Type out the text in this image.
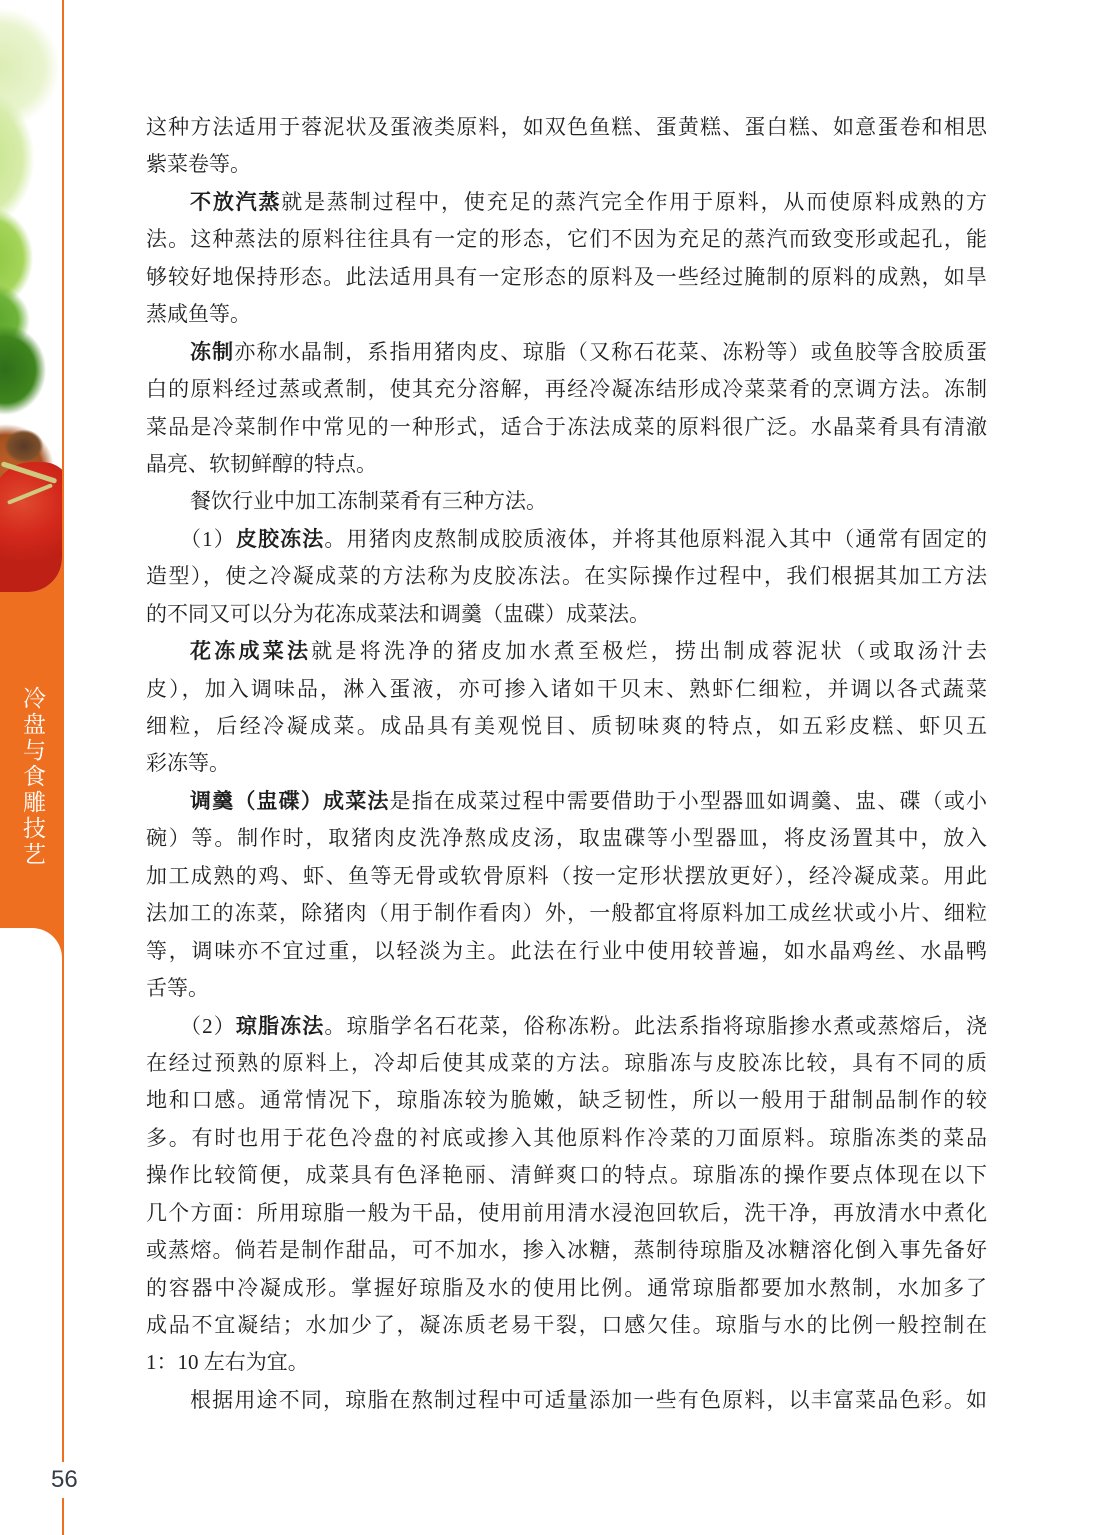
冷盘与食雕技艺
56
这种方法适用于蓉泥状及蛋液类原料，如双色鱼糕、蛋黄糕、蛋白糕、如意蛋卷和相思
紫菜卷等。
不放汽蒸就是蒸制过程中，使充足的蒸汽完全作用于原料，从而使原料成熟的方
法。这种蒸法的原料往往具有一定的形态，它们不因为充足的蒸汽而致变形或起孔，能
够较好地保持形态。此法适用具有一定形态的原料及一些经过腌制的原料的成熟，如旱
蒸咸鱼等。
冻制亦称水晶制，系指用猪肉皮、琼脂（又称石花菜、冻粉等）或鱼胶等含胶质蛋
白的原料经过蒸或煮制，使其充分溶解，再经冷凝冻结形成冷菜菜肴的烹调方法。冻制
菜品是冷菜制作中常见的一种形式，适合于冻法成菜的原料很广泛。水晶菜肴具有清澈
晶亮、软韧鲜醇的特点。
餐饮行业中加工冻制菜肴有三种方法。
（1）皮胶冻法。用猪肉皮熬制成胶质液体，并将其他原料混入其中（通常有固定的
造型），使之冷凝成菜的方法称为皮胶冻法。在实际操作过程中，我们根据其加工方法
的不同又可以分为花冻成菜法和调羹（盅碟）成菜法。
花冻成菜法就是将洗净的猪皮加水煮至极烂，捞出制成蓉泥状（或取汤汁去
皮），加入调味品，淋入蛋液，亦可掺入诸如干贝末、熟虾仁细粒，并调以各式蔬菜
细粒，后经冷凝成菜。成品具有美观悦目、质韧味爽的特点，如五彩皮糕、虾贝五
彩冻等。
调羹（盅碟）成菜法是指在成菜过程中需要借助于小型器皿如调羹、盅、碟（或小
碗）等。制作时，取猪肉皮洗净熬成皮汤，取盅碟等小型器皿，将皮汤置其中，放入
加工成熟的鸡、虾、鱼等无骨或软骨原料（按一定形状摆放更好），经冷凝成菜。用此
法加工的冻菜，除猪肉（用于制作看肉）外，一般都宜将原料加工成丝状或小片、细粒
等，调味亦不宜过重，以轻淡为主。此法在行业中使用较普遍，如水晶鸡丝、水晶鸭
舌等。
（2）琼脂冻法。琼脂学名石花菜，俗称冻粉。此法系指将琼脂掺水煮或蒸熔后，浇
在经过预熟的原料上，冷却后使其成菜的方法。琼脂冻与皮胶冻比较，具有不同的质
地和口感。通常情况下，琼脂冻较为脆嫩，缺乏韧性，所以一般用于甜制品制作的较
多。有时也用于花色冷盘的衬底或掺入其他原料作冷菜的刀面原料。琼脂冻类的菜品
操作比较简便，成菜具有色泽艳丽、清鲜爽口的特点。琼脂冻的操作要点体现在以下
几个方面：所用琼脂一般为干品，使用前用清水浸泡回软后，洗干净，再放清水中煮化
或蒸熔。倘若是制作甜品，可不加水，掺入冰糖，蒸制待琼脂及冰糖溶化倒入事先备好
的容器中冷凝成形。掌握好琼脂及水的使用比例。通常琼脂都要加水熬制，水加多了
成品不宜凝结；水加少了，凝冻质老易干裂，口感欠佳。琼脂与水的比例一般控制在
1：10 左右为宜。
根据用途不同，琼脂在熬制过程中可适量添加一些有色原料，以丰富菜品色彩。如
